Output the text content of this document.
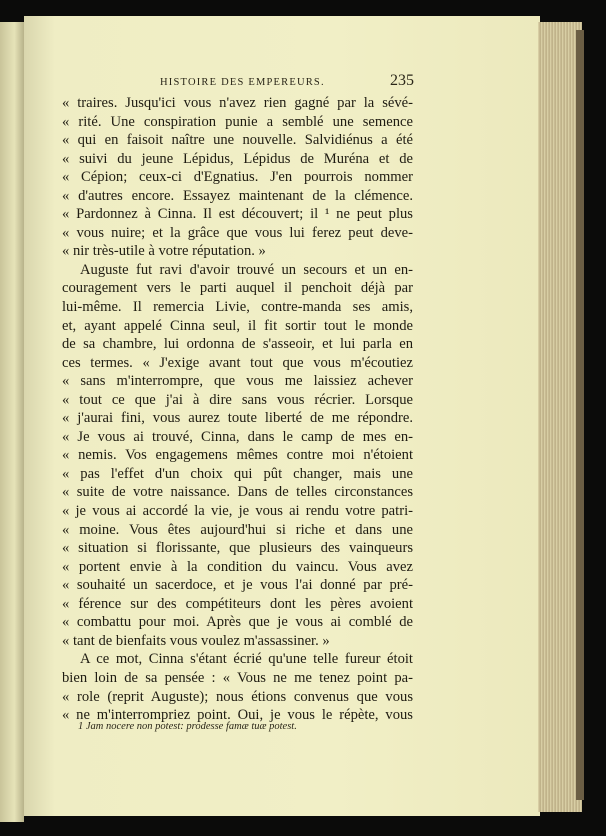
HISTOIRE DES EMPEREURS.	235
« traires. Jusqu'ici vous n'avez rien gagné par la sévé-
« rité. Une conspiration punie a semblé une semence
« qui en faisoit naître une nouvelle. Salvidiénus a été
« suivi du jeune Lépidus, Lépidus de Muréna et de
« Cépion; ceux-ci d'Egnatius. J'en pourrois nommer
« d'autres encore. Essayez maintenant de la clémence.
« Pardonnez à Cinna. Il est découvert; il ¹ ne peut plus
« vous nuire; et la grâce que vous lui ferez peut deve-
« nir très-utile à votre réputation. »
Auguste fut ravi d'avoir trouvé un secours et un en-
couragement vers le parti auquel il penchoit déjà par
lui-même. Il remercia Livie, contre-manda ses amis,
et, ayant appelé Cinna seul, il fit sortir tout le monde
de sa chambre, lui ordonna de s'asseoir, et lui parla en
ces termes. « J'exige avant tout que vous m'écoutiez
« sans m'interrompre, que vous me laissiez achever
« tout ce que j'ai à dire sans vous récrier. Lorsque
« j'aurai fini, vous aurez toute liberté de me répondre.
« Je vous ai trouvé, Cinna, dans le camp de mes en-
« nemis. Vos engagemens mêmes contre moi n'étoient
« pas l'effet d'un choix qui pût changer, mais une
« suite de votre naissance. Dans de telles circonstances
« je vous ai accordé la vie, je vous ai rendu votre patri-
« moine. Vous êtes aujourd'hui si riche et dans une
« situation si florissante, que plusieurs des vainqueurs
« portent envie à la condition du vaincu. Vous avez
« souhaité un sacerdoce, et je vous l'ai donné par pré-
« férence sur des compétiteurs dont les pères avoient
« combattu pour moi. Après que je vous ai comblé de
« tant de bienfaits vous voulez m'assassiner. »
A ce mot, Cinna s'étant écrié qu'une telle fureur étoit
bien loin de sa pensée : « Vous ne me tenez point pa-
« role (reprit Auguste); nous étions convenus que vous
« ne m'interrompriez point. Oui, je vous le répète, vous
1 Jam nocere non potest: prodesse famæ tuæ potest.
